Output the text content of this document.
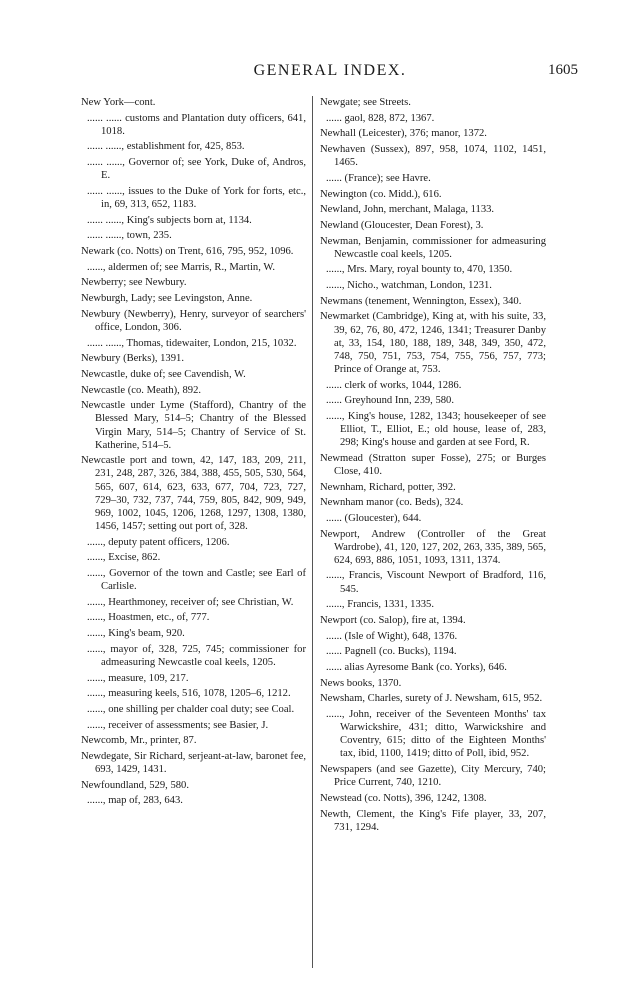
GENERAL INDEX.	1605

New York—cont.

...... ...... customs and Plantation duty officers, 641, 1018.

...... ......, establishment for, 425, 853.

...... ......, Governor of; see York, Duke of, Andros, E.

...... ......, issues to the Duke of York for forts, etc., in, 69, 313, 652, 1183.

...... ......, King's subjects born at, 1134.

...... ......, town, 235.

Newark (co. Notts) on Trent, 616, 795, 952, 1096.

......, aldermen of; see Marris, R., Martin, W.

Newberry; see Newbury.

Newburgh, Lady; see Levingston, Anne.

Newbury (Newberry), Henry, surveyor of searchers' office, London, 306.

...... ......, Thomas, tidewaiter, London, 215, 1032.

Newbury (Berks), 1391.

Newcastle, duke of; see Cavendish, W.

Newcastle (co. Meath), 892.

Newcastle under Lyme (Stafford), Chantry of the Blessed Mary, 514–5; Chantry of the Blessed Virgin Mary, 514–5; Chantry of Service of St. Katherine, 514–5.

Newcastle port and town, 42, 147, 183, 209, 211, 231, 248, 287, 326, 384, 388, 455, 505, 530, 564, 565, 607, 614, 623, 633, 677, 704, 723, 727, 729–30, 732, 737, 744, 759, 805, 842, 909, 949, 969, 1002, 1045, 1206, 1268, 1297, 1308, 1380, 1456, 1457; setting out port of, 328.

......, deputy patent officers, 1206.

......, Excise, 862.

......, Governor of the town and Castle; see Earl of Carlisle.

......, Hearthmoney, receiver of; see Christian, W.

......, Hoastmen, etc., of, 777.

......, King's beam, 920.

......, mayor of, 328, 725, 745; commissioner for admeasuring Newcastle coal keels, 1205.

......, measure, 109, 217.

......, measuring keels, 516, 1078, 1205–6, 1212.

......, one shilling per chalder coal duty; see Coal.

......, receiver of assessments; see Basier, J.

Newcomb, Mr., printer, 87.

Newdegate, Sir Richard, serjeant-at-law, baronet fee, 693, 1429, 1431.

Newfoundland, 529, 580.

......, map of, 283, 643.

Newgate; see Streets.

...... gaol, 828, 872, 1367.

Newhall (Leicester), 376; manor, 1372.

Newhaven (Sussex), 897, 958, 1074, 1102, 1451, 1465.

...... (France); see Havre.

Newington (co. Midd.), 616.

Newland, John, merchant, Malaga, 1133.

Newland (Gloucester, Dean Forest), 3.

Newman, Benjamin, commissioner for admeasuring Newcastle coal keels, 1205.

......, Mrs. Mary, royal bounty to, 470, 1350.

......, Nicho., watchman, London, 1231.

Newmans (tenement, Wennington, Essex), 340.

Newmarket (Cambridge), King at, with his suite, 33, 39, 62, 76, 80, 472, 1246, 1341; Treasurer Danby at, 33, 154, 180, 188, 189, 348, 349, 350, 472, 748, 750, 751, 753, 754, 755, 756, 757, 773; Prince of Orange at, 753.

...... clerk of works, 1044, 1286.

...... Greyhound Inn, 239, 580.

......, King's house, 1282, 1343; housekeeper of see Elliot, T., Elliot, E.; old house, lease of, 283, 298; King's house and garden at see Ford, R.

Newmead (Stratton super Fosse), 275; or Burges Close, 410.

Newnham, Richard, potter, 392.

Newnham manor (co. Beds), 324.

...... (Gloucester), 644.

Newport, Andrew (Controller of the Great Wardrobe), 41, 120, 127, 202, 263, 335, 389, 565, 624, 693, 886, 1051, 1093, 1311, 1374.

......, Francis, Viscount Newport of Bradford, 116, 545.

......, Francis, 1331, 1335.

Newport (co. Salop), fire at, 1394.

...... (Isle of Wight), 648, 1376.

...... Pagnell (co. Bucks), 1194.

...... alias Ayresome Bank (co. Yorks), 646.

News books, 1370.

Newsham, Charles, surety of J. Newsham, 615, 952.

......, John, receiver of the Seventeen Months' tax Warwickshire, 431; ditto, Warwickshire and Coventry, 615; ditto of the Eighteen Months' tax, ibid, 1100, 1419; ditto of Poll, ibid, 952.

Newspapers (and see Gazette), City Mercury, 740; Price Current, 740, 1210.

Newstead (co. Notts), 396, 1242, 1308.

Newth, Clement, the King's Fife player, 33, 207, 731, 1294.
